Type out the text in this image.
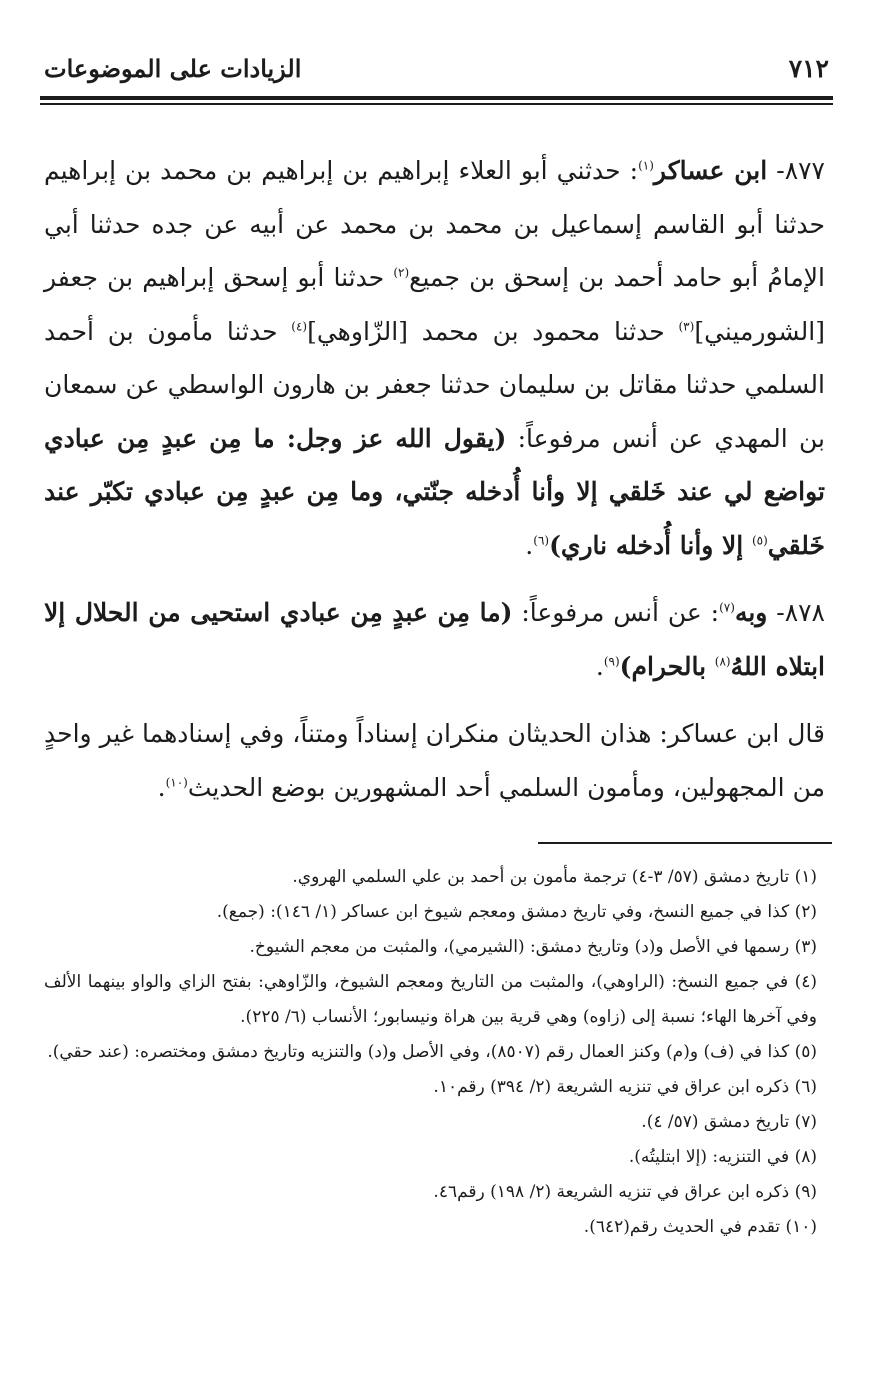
الزيادات على الموضوعات	٧١٢

٨٧٧- ابن عساكر$^{(١)}$: حدثني أبو العلاء إبراهيم بن إبراهيم بن محمد بن إبراهيم حدثنا أبو القاسم إسماعيل بن محمد بن محمد عن أبيه عن جده حدثنا أبي الإمامُ أبو حامد أحمد بن إسحق بن جميع$^{(٢)}$ حدثنا أبو إسحق إبراهيم بن جعفر [الشورميني]$^{(٣)}$ حدثنا محمود بن محمد [الزّاوهي]$^{(٤)}$ حدثنا مأمون بن أحمد السلمي حدثنا مقاتل بن سليمان حدثنا جعفر بن هارون الواسطي عن سمعان بن المهدي عن أنس مرفوعاً: (يقول الله عز وجل: ما مِن عبدٍ مِن عبادي تواضع لي عند خَلقي إلا وأنا أُدخله جنّتي، وما مِن عبدٍ مِن عبادي تكبّر عند خَلقي$^{(٥)}$ إلا وأنا أُدخله ناري)$^{(٦)}$.

٨٧٨- وبه$^{(٧)}$: عن أنس مرفوعاً: (ما مِن عبدٍ مِن عبادي استحيى من الحلال إلا ابتلاه اللهُ$^{(٨)}$ بالحرام)$^{(٩)}$.

قال ابن عساكر: هذان الحديثان منكران إسناداً ومتناً، وفي إسنادهما غير واحدٍ من المجهولين، ومأمون السلمي أحد المشهورين بوضع الحديث$^{(١٠)}$.

(١) تاريخ دمشق (٥٧/ ٣-٤) ترجمة مأمون بن أحمد بن علي السلمي الهروي.

(٢) كذا في جميع النسخ، وفي تاريخ دمشق ومعجم شيوخ ابن عساكر (١/ ١٤٦): (جمع).

(٣) رسمها في الأصل و(د) وتاريخ دمشق: (الشيرمي)، والمثبت من معجم الشيوخ.

(٤) في جميع النسخ: (الراوهي)، والمثبت من التاريخ ومعجم الشيوخ، والزّاوهي: بفتح الزاي والواو بينهما الألف وفي آخرها الهاء؛ نسبة إلى (زاوه) وهي قرية بين هراة ونيسابور؛ الأنساب (٦/ ٢٢٥).

(٥) كذا في (ف) و(م) وكنز العمال رقم (٨٥٠٧)، وفي الأصل و(د) والتنزيه وتاريخ دمشق ومختصره: (عند حقي).

(٦) ذكره ابن عراق في تنزيه الشريعة (٢/ ٣٩٤) رقم١٠.

(٧) تاريخ دمشق (٥٧/ ٤).

(٨) في التنزيه: (إلا ابتليتُه).

(٩) ذكره ابن عراق في تنزيه الشريعة (٢/ ١٩٨) رقم٤٦.

(١٠) تقدم في الحديث رقم(٦٤٢).
